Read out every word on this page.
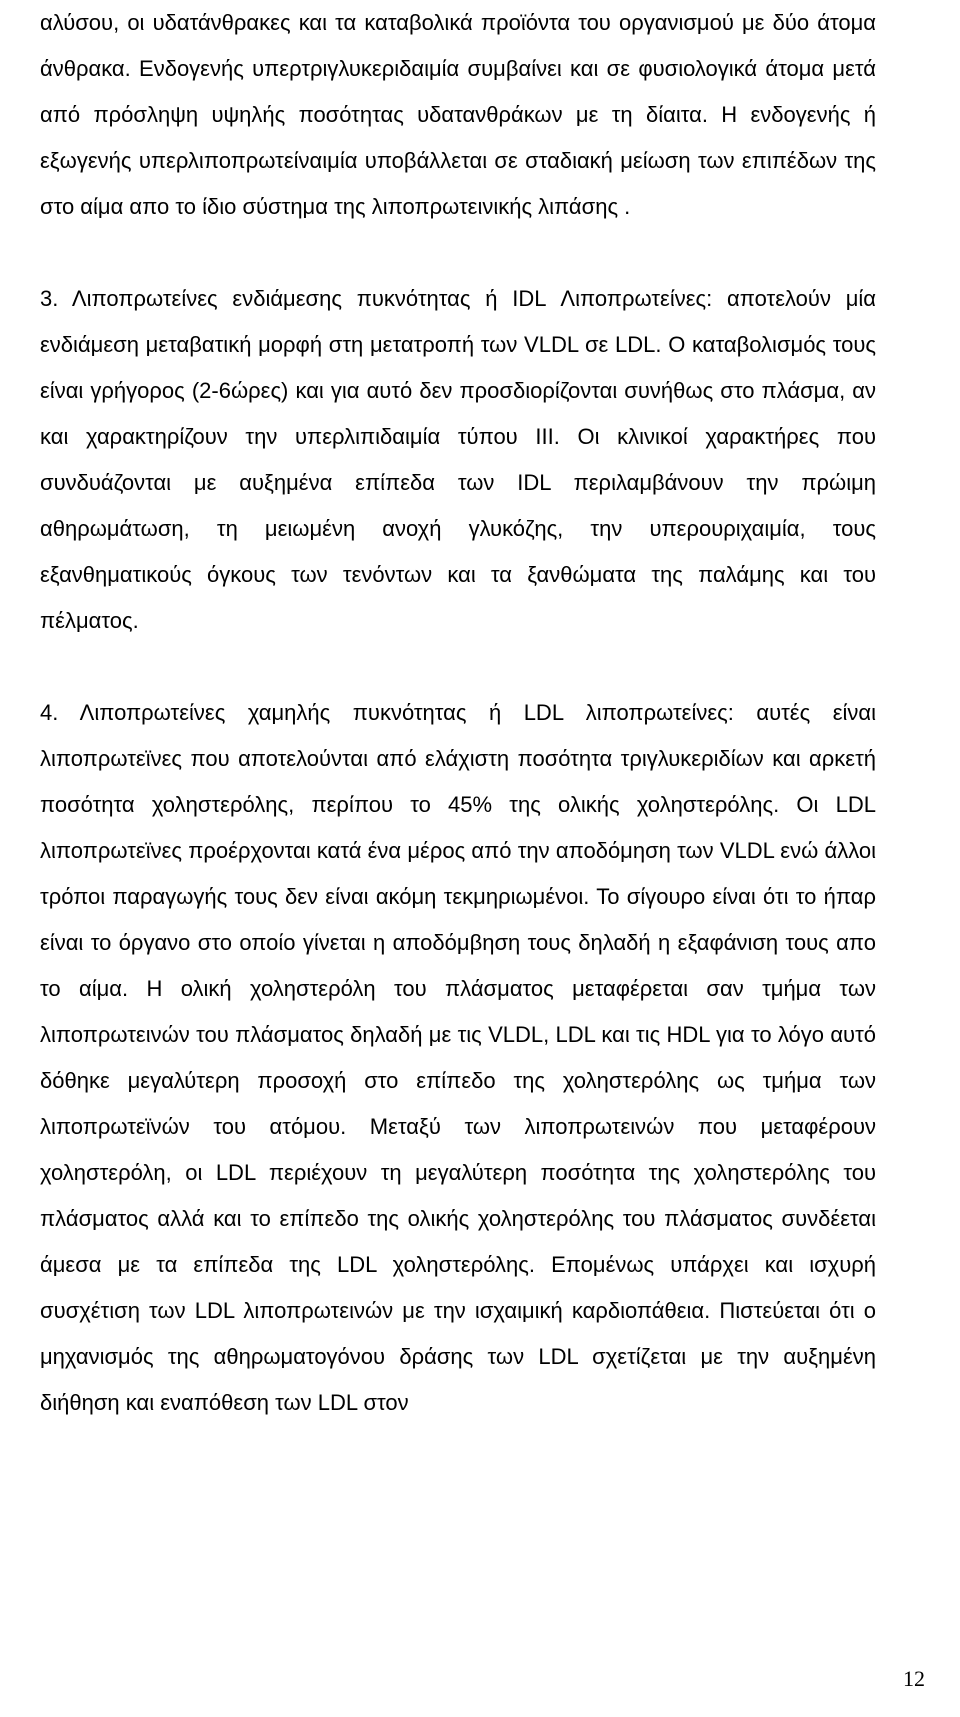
αλύσου, οι υδατάνθρακες και τα καταβολικά προϊόντα του οργανισμού με δύο άτομα άνθρακα. Ενδογενής υπερτριγλυκεριδαιμία συμβαίνει και σε φυσιολογικά άτομα μετά από πρόσληψη υψηλής ποσότητας υδατανθράκων με τη δίαιτα. Η ενδογενής ή εξωγενής υπερλιποπρωτείναιμία υποβάλλεται σε σταδιακή μείωση των επιπέδων της στο αίμα απο το ίδιο σύστημα της λιποπρωτεινικής λιπάσης .

3. Λιποπρωτείνες ενδιάμεσης πυκνότητας ή IDL Λιποπρωτείνες: αποτελούν μία ενδιάμεση μεταβατική μορφή στη μετατροπή των VLDL σε LDL. Ο καταβολισμός τους είναι γρήγορος (2-6ώρες) και για αυτό δεν προσδιορίζονται συνήθως στο πλάσμα, αν και χαρακτηρίζουν την υπερλιπιδαιμία τύπου III. Οι κλινικοί χαρακτήρες που συνδυάζονται με αυξημένα επίπεδα των IDL περιλαμβάνουν την πρώιμη αθηρωμάτωση, τη μειωμένη ανοχή γλυκόζης, την υπερουριχαιμία, τους εξανθηματικούς όγκους των τενόντων και τα ξανθώματα της παλάμης και του πέλματος.

4. Λιποπρωτείνες χαμηλής πυκνότητας ή LDL λιποπρωτείνες: αυτές είναι λιποπρωτεϊνες που αποτελούνται από ελάχιστη ποσότητα τριγλυκεριδίων και αρκετή ποσότητα χοληστερόλης, περίπου το 45% της ολικής χοληστερόλης. Οι LDL λιποπρωτεϊνες προέρχονται κατά ένα μέρος από την αποδόμηση των VLDL ενώ άλλοι τρόποι παραγωγής τους δεν είναι ακόμη τεκμηριωμένοι. Το σίγουρο είναι ότι το ήπαρ είναι το όργανο στο οποίο γίνεται η αποδόμβηση τους δηλαδή η εξαφάνιση τους απο το αίμα. Η ολική χοληστερόλη του πλάσματος μεταφέρεται σαν τμήμα των λιποπρωτεινών του πλάσματος δηλαδή με τις VLDL, LDL και τις HDL για το λόγο αυτό δόθηκε μεγαλύτερη προσοχή στο επίπεδο της χοληστερόλης ως τμήμα των λιποπρωτεϊνών του ατόμου. Μεταξύ των λιποπρωτεινών που μεταφέρουν χοληστερόλη, οι LDL περιέχουν τη μεγαλύτερη ποσότητα της χοληστερόλης του πλάσματος αλλά και το επίπεδο της ολικής χοληστερόλης του πλάσματος συνδέεται άμεσα με τα επίπεδα της LDL χοληστερόλης. Επομένως υπάρχει και ισχυρή συσχέτιση των LDL λιποπρωτεινών με την ισχαιμική καρδιοπάθεια. Πιστεύεται ότι ο μηχανισμός της αθηρωματογόνου δράσης των LDL σχετίζεται με την αυξημένη διήθηση και εναπόθεση των LDL στον

12
